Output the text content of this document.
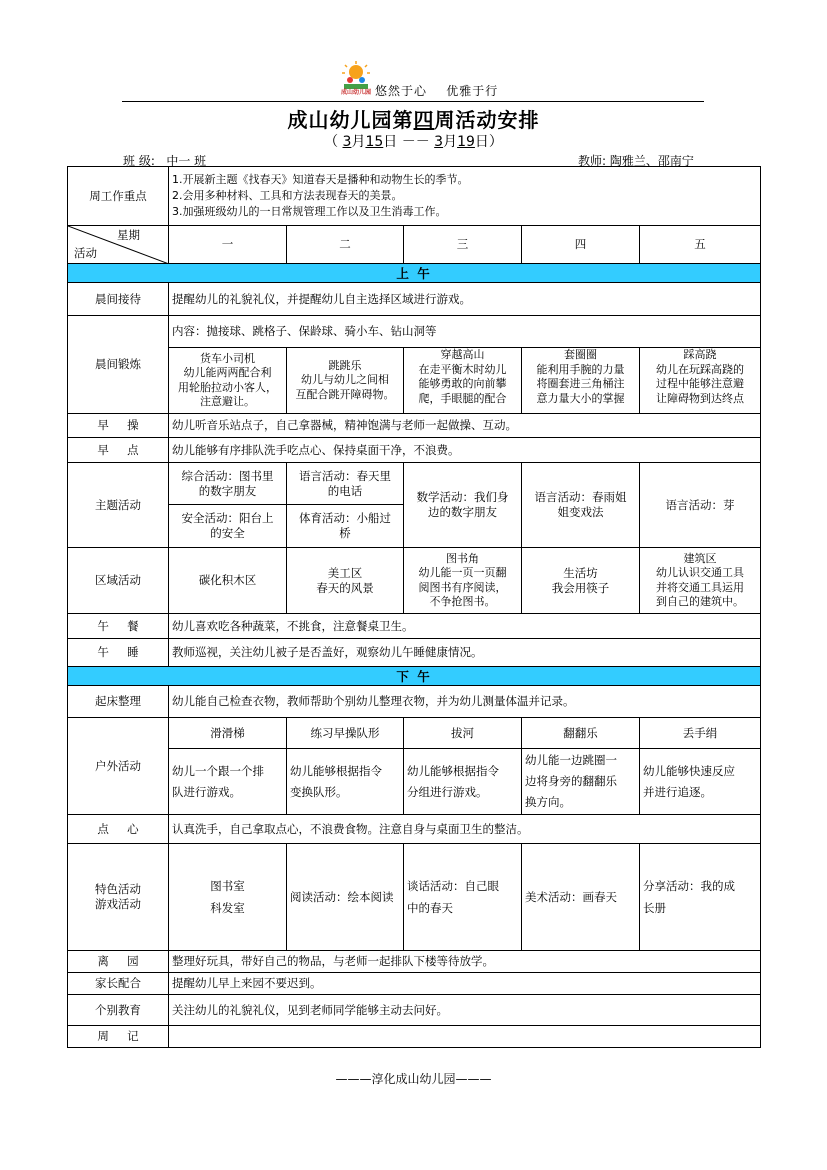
成山幼儿园 悠然于心    优雅于行
成山幼儿园第四周活动安排
（ 3月15日 －－ 3月19日）
班 级: 中一 班	教师: 陶雅兰、邵南宁
周工作重点	1.开展新主题《找春天》知道春天是播种和动物生长的季节。
2.会用多种材料、工具和方法表现春天的美景。
3.加强班级幼儿的一日常规管理工作以及卫生消毒工作。				

星期
活动	一	二	三	四	五
上 午					
晨间接待	提醒幼儿的礼貌礼仪，并提醒幼儿自主选择区域进行游戏。				
晨间锻炼	内容：抛接球、跳格子、保龄球、骑小车、钻山洞等				
	货车小司机
幼儿能两两配合利
用轮胎拉动小客人，
注意避让。	跳跳乐
幼儿与幼儿之间相
互配合跳开障碍物。	穿越高山
在走平衡木时幼儿
能够勇敢的向前攀
爬，手眼腿的配合	套圈圈
能利用手腕的力量
将圈套进三角桶注
意力量大小的掌握	踩高跷
幼儿在玩踩高跷的
过程中能够注意避
让障碍物到达终点
早     操	幼儿听音乐站点子，自己拿器械，精神饱满与老师一起做操、互动。				
早     点	幼儿能够有序排队洗手吃点心、保持桌面干净，不浪费。				
主题活动	综合活动：图书里
的数字朋友	语言活动：春天里
的电话	数学活动：我们身
边的数字朋友	语言活动：春雨姐
姐变戏法	语言活动：芽
	安全活动：阳台上
的安全	体育活动：小船过
桥			
区域活动	碳化积木区	美工区
春天的风景	图书角
幼儿能一页一页翻
阅图书有序阅读，
不争抢图书。	生活坊
我会用筷子	建筑区
幼儿认识交通工具
并将交通工具运用
到自己的建筑中。
午     餐	幼儿喜欢吃各种蔬菜，不挑食，注意餐桌卫生。				
午     睡	教师巡视，关注幼儿被子是否盖好，观察幼儿午睡健康情况。				
下 午					
起床整理	幼儿能自己检查衣物，教师帮助个别幼儿整理衣物，并为幼儿测量体温并记录。				
户外活动	滑滑梯	练习早操队形	拔河	翻翻乐	丢手绢
	幼儿一个跟一个排
队进行游戏。	幼儿能够根据指令
变换队形。	幼儿能够根据指令
分组进行游戏。	幼儿能一边跳圈一
边将身旁的翻翻乐
换方向。	幼儿能够快速反应
并进行追逐。
点     心	认真洗手，自己拿取点心，不浪费食物。注意自身与桌面卫生的整洁。				
特色活动
游戏活动	图书室
科发室	阅读活动：绘本阅读	谈话活动：自己眼
中的春天	美术活动：画春天	分享活动：我的成
长册
离     园	整理好玩具，带好自己的物品，与老师一起排队下楼等待放学。				
家长配合	提醒幼儿早上来园不要迟到。				
个别教育	关注幼儿的礼貌礼仪，见到老师同学能够主动去问好。				
周     记					
———淳化成山幼儿园———
